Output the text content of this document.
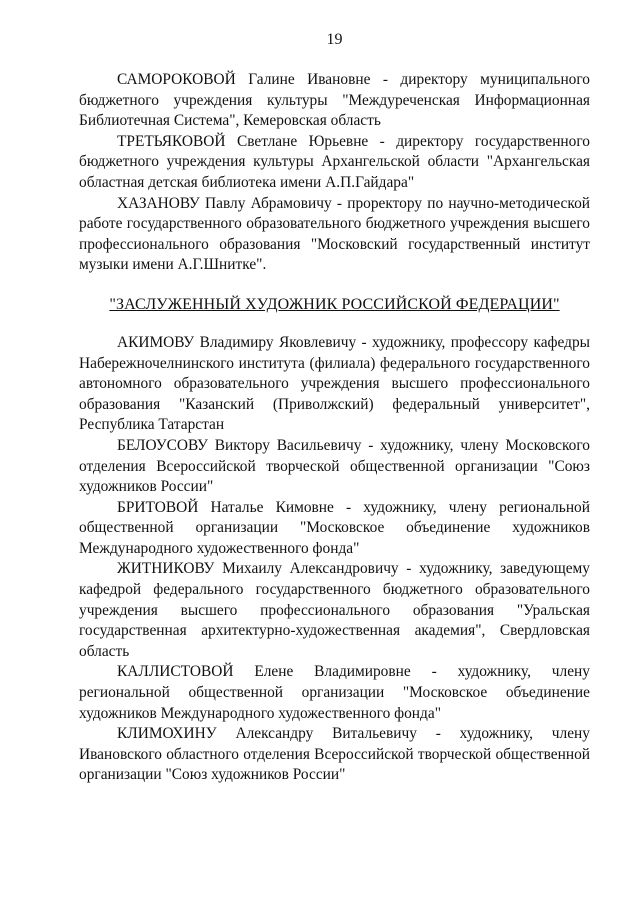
19

САМОРОКОВОЙ Галине Ивановне - директору муниципального бюджетного учреждения культуры "Междуреченская Информационная Библиотечная Система", Кемеровская область

ТРЕТЬЯКОВОЙ Светлане Юрьевне - директору государственного бюджетного учреждения культуры Архангельской области "Архангельская областная детская библиотека имени А.П.Гайдара"

ХАЗАНОВУ Павлу Абрамовичу - проректору по научно-методической работе государственного образовательного бюджетного учреждения высшего профессионального образования "Московский государственный институт музыки имени А.Г.Шнитке".

"ЗАСЛУЖЕННЫЙ ХУДОЖНИК РОССИЙСКОЙ ФЕДЕРАЦИИ"

АКИМОВУ Владимиру Яковлевичу - художнику, профессору кафедры Набережночелнинского института (филиала) федерального государственного автономного образовательного учреждения высшего профессионального образования "Казанский (Приволжский) федеральный университет", Республика Татарстан

БЕЛОУСОВУ Виктору Васильевичу - художнику, члену Московского отделения Всероссийской творческой общественной организации "Союз художников России"

БРИТОВОЙ Наталье Кимовне - художнику, члену региональной общественной организации "Московское объединение художников Международного художественного фонда"

ЖИТНИКОВУ Михаилу Александровичу - художнику, заведующему кафедрой федерального государственного бюджетного образовательного учреждения высшего профессионального образования "Уральская государственная архитектурно-художественная академия", Свердловская область

КАЛЛИСТОВОЙ Елене Владимировне - художнику, члену региональной общественной организации "Московское объединение художников Международного художественного фонда"

КЛИМОХИНУ Александру Витальевичу - художнику, члену Ивановского областного отделения Всероссийской творческой общественной организации "Союз художников России"
